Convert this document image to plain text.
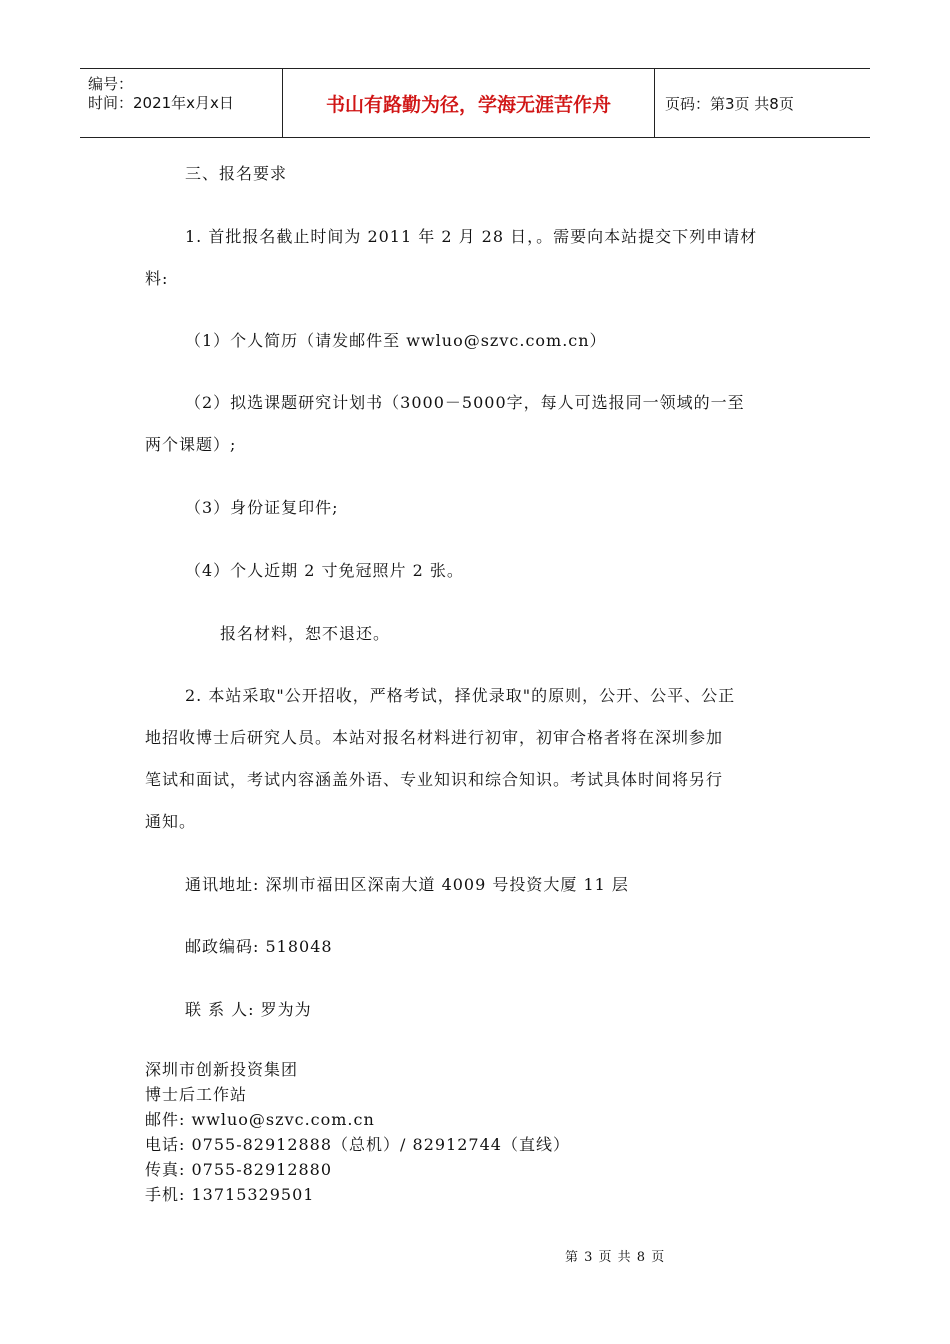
编号：
时间：2021年x月x日	书山有路勤为径，学海无涯苦作舟	页码：第3页 共8页
三、报名要求
1. 首批报名截止时间为 2011 年 2 月 28 日，。需要向本站提交下列申请材
料:
（1）个人简历（请发邮件至 wwluo@szvc.com.cn）
（2）拟选课题研究计划书（3000－5000字，每人可选报同一领域的一至
两个课题）;
（3）身份证复印件;
（4）个人近期 2 寸免冠照片 2 张。
报名材料，恕不退还。
2. 本站采取"公开招收，严格考试，择优录取"的原则，公开、公平、公正
地招收博士后研究人员。本站对报名材料进行初审，初审合格者将在深圳参加
笔试和面试，考试内容涵盖外语、专业知识和综合知识。考试具体时间将另行
通知。
通讯地址: 深圳市福田区深南大道 4009 号投资大厦 11 层
邮政编码: 518048
联 系 人: 罗为为
深圳市创新投资集团
博士后工作站
邮件: wwluo@szvc.com.cn
电话: 0755-82912888（总机）/ 82912744（直线）
传真: 0755-82912880
手机: 13715329501
第 3 页 共 8 页
